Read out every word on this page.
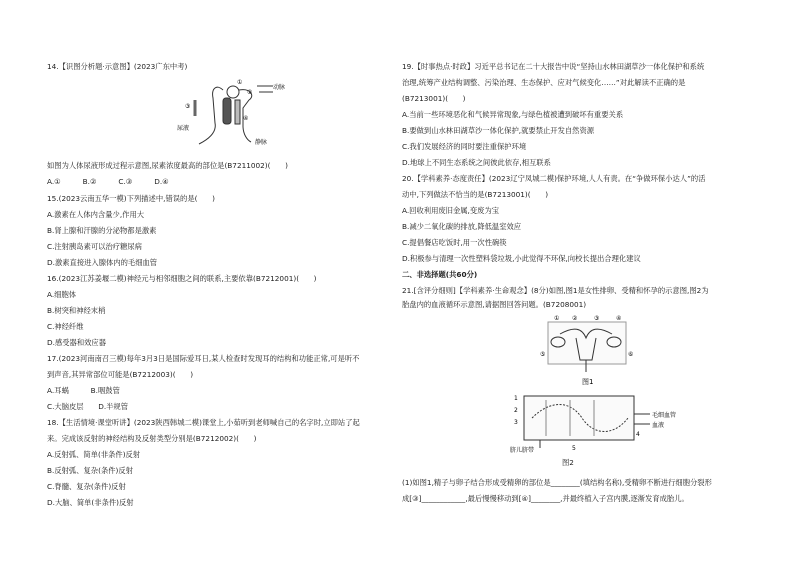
14.【识图分析题·示意图】(2023广东中考)
动脉
静脉
尿液
①
②
③
④
如图为人体尿液形成过程示意图,尿素浓度最高的部位是(B7211002)(　　)
A.①　　　B.②　　　C.③　　　D.④
15.(2023云南五华一模)下列描述中,错误的是(　　)
A.激素在人体内含量少,作用大
B.肾上腺和汗腺的分泌物都是激素
C.注射胰岛素可以治疗糖尿病
D.激素直接进入腺体内的毛细血管
16.(2023江苏姜堰二模)神经元与相邻细胞之间的联系,主要依靠(B7212001)(　　)
A.细胞体
B.树突和神经末梢
C.神经纤维
D.感受器和效应器
17.(2023河南南召三模)每年3月3日是国际爱耳日,某人检查时发现耳的结构和功能正常,可是听不
到声音,其异常部位可能是(B7212003)(　　)
A.耳蜗　　　B.咽鼓管
C.大脑皮层　　D.半规管
18.【生活情境·课堂听讲】(2023陕西韩城二模)课堂上,小茹听到老师喊自己的名字时,立即站了起
来。完成该反射的神经结构及反射类型分别是(B7212002)(　　)
A.反射弧、简单(非条件)反射
B.反射弧、复杂(条件)反射
C.脊髓、复杂(条件)反射
D.大脑、简单(非条件)反射
19.【时事热点·时政】习近平总书记在二十大报告中说“坚持山水林田湖草沙一体化保护和系统
治理,统筹产业结构调整、污染治理、生态保护、应对气候变化……”对此解读不正确的是
(B7213001)(　　)
A.当前一些环境恶化和气候异常现象,与绿色植被遭到破坏有重要关系
B.要做到山水林田湖草沙一体化保护,就要禁止开发自然资源
C.我们发展经济的同时要注重保护环境
D.地球上不同生态系统之间彼此依存,相互联系
20.【学科素养·态度责任】(2023辽宁凤城二模)保护环境,人人有责。在“争做环保小达人”的活
动中,下列做法不恰当的是(B7213001)(　　)
A.回收利用废旧金属,变废为宝
B.减少二氧化碳的排放,降低温室效应
C.提倡餐店吃饭时,用一次性碗筷
D.积极参与清理一次性塑料袋垃圾,小此觉得不环保,向校长提出合理化建议
二、非选择题(共60分)
21.[含评分细则]【学科素养·生命观念】(8分)如图,图1是女性排卵、受精和怀孕的示意图,图2为
胎盘内的血液循环示意图,请据图回答问题。(B7208001)
① ②	③	④
⑤	⑥
图1
1
2
3
4
5
毛细血管
血液
脐儿脐带
图2
(1)如图1,精子与卵子结合形成受精卵的部位是________(填结构名称),受精卵不断进行细胞分裂形
成[③]____________,最后慢慢移动到[④]________,并最终植入子宫内膜,逐渐发育成胎儿。
